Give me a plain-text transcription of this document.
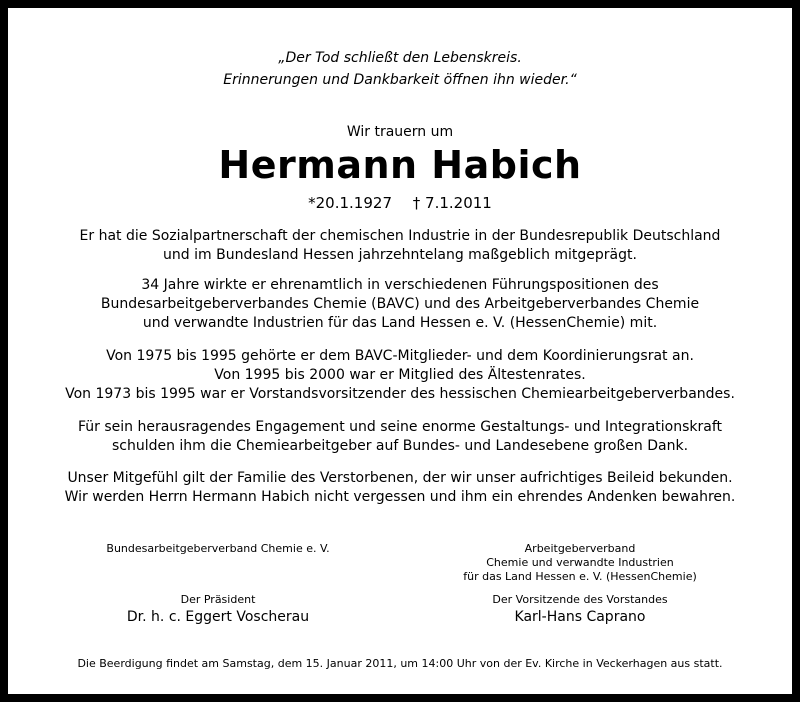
„Der Tod schließt den Lebenskreis.
Erinnerungen und Dankbarkeit öffnen ihn wieder.“
Wir trauern um
Hermann Habich
*20.1.1927 † 7.1.2011
Er hat die Sozialpartnerschaft der chemischen Industrie in der Bundesrepublik Deutschland
und im Bundesland Hessen jahrzehntelang maßgeblich mitgeprägt.
34 Jahre wirkte er ehrenamtlich in verschiedenen Führungspositionen des
Bundesarbeitgeberverbandes Chemie (BAVC) und des Arbeitgeberverbandes Chemie
und verwandte Industrien für das Land Hessen e. V. (HessenChemie) mit.
Von 1975 bis 1995 gehörte er dem BAVC-Mitglieder- und dem Koordinierungsrat an.
Von 1995 bis 2000 war er Mitglied des Ältestenrates.
Von 1973 bis 1995 war er Vorstandsvorsitzender des hessischen Chemiearbeitgeberverbandes.
Für sein herausragendes Engagement und seine enorme Gestaltungs- und Integrationskraft
schulden ihm die Chemiearbeitgeber auf Bundes- und Landesebene großen Dank.
Unser Mitgefühl gilt der Familie des Verstorbenen, der wir unser aufrichtiges Beileid bekunden.
Wir werden Herrn Hermann Habich nicht vergessen und ihm ein ehrendes Andenken bewahren.
Bundesarbeitgeberverband Chemie e. V.	Arbeitgeberverband
Chemie und verwandte Industrien
für das Land Hessen e. V. (HessenChemie)
Der Präsident	Der Vorsitzende des Vorstandes
Dr. h. c. Eggert Voscherau	Karl-Hans Caprano
Die Beerdigung findet am Samstag, dem 15. Januar 2011, um 14:00 Uhr von der Ev. Kirche in Veckerhagen aus statt.
